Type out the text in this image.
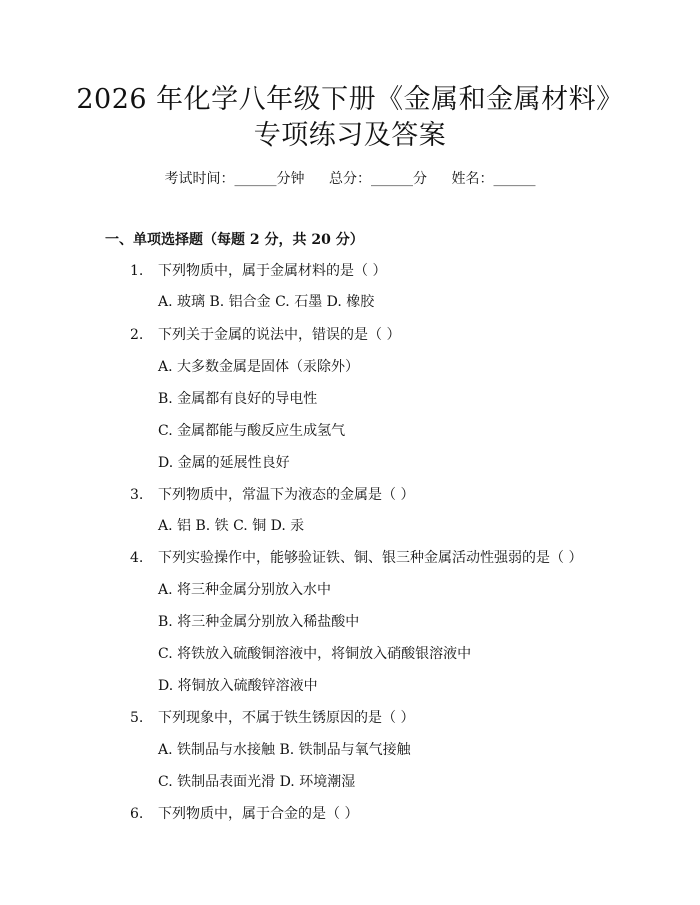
2026 年化学八年级下册《金属和金属材料》
专项练习及答案
考试时间：______分钟 总分：______分 姓名：______
一、单项选择题（每题 2 分，共 20 分）
1. 下列物质中，属于金属材料的是（ ）
A. 玻璃 B. 铝合金 C. 石墨 D. 橡胶
2. 下列关于金属的说法中，错误的是（ ）
A. 大多数金属是固体（汞除外）
B. 金属都有良好的导电性
C. 金属都能与酸反应生成氢气
D. 金属的延展性良好
3. 下列物质中，常温下为液态的金属是（ ）
A. 铝 B. 铁 C. 铜 D. 汞
4. 下列实验操作中，能够验证铁、铜、银三种金属活动性强弱的是（ ）
A. 将三种金属分别放入水中
B. 将三种金属分别放入稀盐酸中
C. 将铁放入硫酸铜溶液中，将铜放入硝酸银溶液中
D. 将铜放入硫酸锌溶液中
5. 下列现象中，不属于铁生锈原因的是（ ）
A. 铁制品与水接触 B. 铁制品与氧气接触
C. 铁制品表面光滑 D. 环境潮湿
6. 下列物质中，属于合金的是（ ）
